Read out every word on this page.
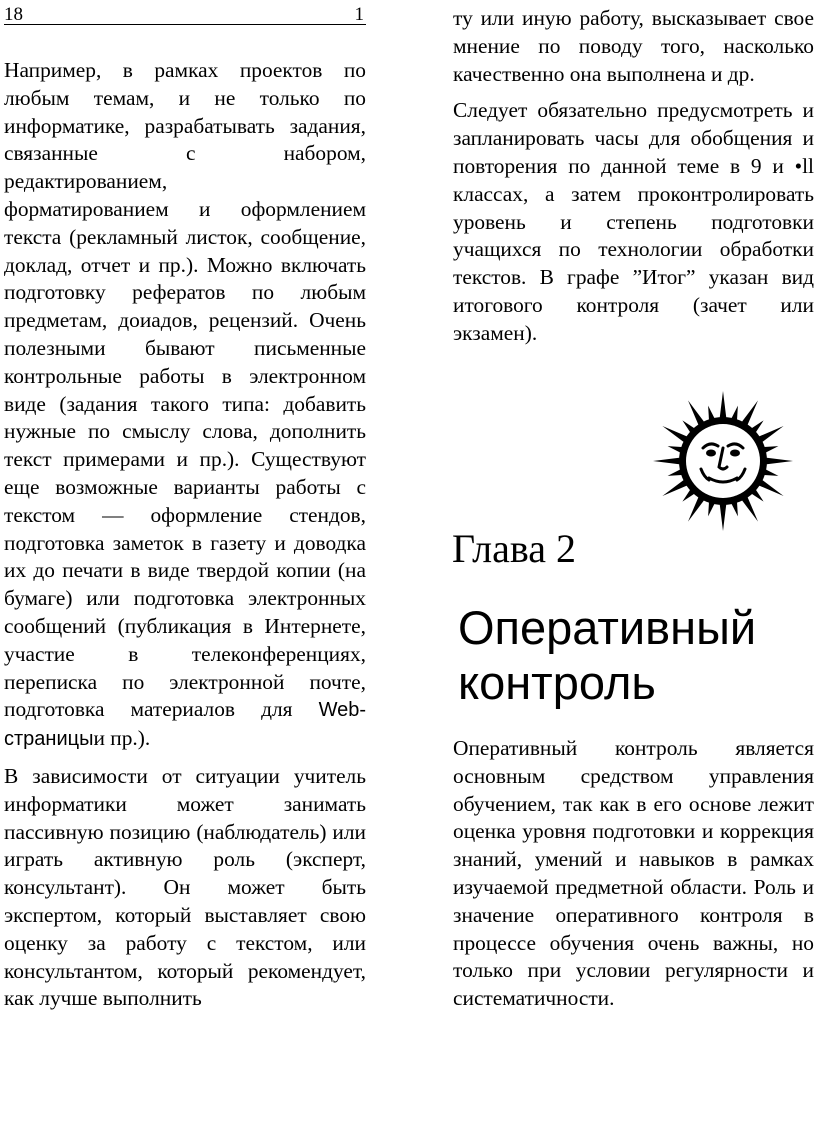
18	1

Например, в рамках проектов по любым темам, и не только по информатике, разрабатывать задания, связанные с набором, редактированием,

форматированием и оформлением текста (рекламный листок, сообщение, доклад, отчет и пр.). Можно включать подготовку рефератов по любым предметам, доиадов, рецензий. Очень полезными бывают письменные контрольные работы в электронном виде (задания такого типа: добавить нужные по смыслу слова, дополнить текст примерами и пр.). Существуют еще возможные варианты работы с текстом — оформление стендов, подготовка заметок в газету и доводка их до печати в виде твердой копии (на бумаге) или подготовка электронных сообщений (публикация в Интернете, участие в телеконференциях, переписка по электронной почте, подготовка материалов для Web-страницыи пр.).

В зависимости от ситуации учитель информатики может занимать пассивную позицию (наблюдатель) или играть активную роль (эксперт, консультант). Он может быть экспертом, который выставляет свою оценку за работу с текстом, или консультантом, который рекомендует, как лучше выполнить

ту или иную работу, высказывает свое мнение по поводу того, насколько качественно она выполнена и др.

Следует обязательно предусмотреть и запланировать часы для обобщения и повторения по данной теме в 9 и •ll классах, а затем проконтролировать уровень и степень подготовки учащихся по технологии обработки текстов. В графе ”Итог” указан вид итогового контроля (зачет или экзамен).

Глава 2
Оперативный
контроль

Оперативный контроль является основным средством управления обучением, так как в его основе лежит оценка уровня подготовки и коррекция знаний, умений и навыков в рамках изучаемой предметной области. Роль и значение оперативного контроля в процессе обучения очень важны, но только при условии регулярности и систематичности.
